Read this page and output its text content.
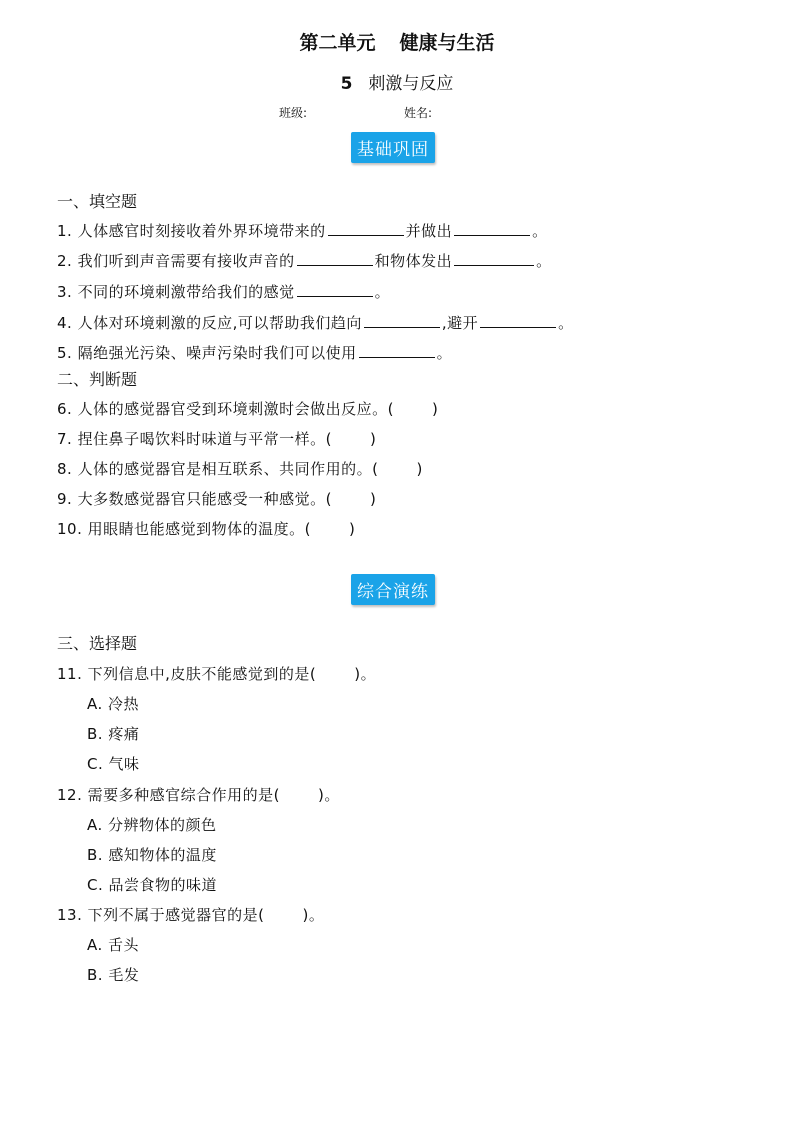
第二单元 健康与生活
5 刺激与反应
班级:	姓名:
基础巩固
一、填空题
1. 人体感官时刻接收着外界环境带来的	并做出	。
2. 我们听到声音需要有接收声音的	和物体发出	。
3. 不同的环境刺激带给我们的感觉	。
4. 人体对环境刺激的反应,可以帮助我们趋向	,避开	。
5. 隔绝强光污染、噪声污染时我们可以使用	。
二、判断题
6. 人体的感觉器官受到环境刺激时会做出反应。(	)
7. 捏住鼻子喝饮料时味道与平常一样。(	)
8. 人体的感觉器官是相互联系、共同作用的。(	)
9. 大多数感觉器官只能感受一种感觉。(	)
10. 用眼睛也能感觉到物体的温度。(	)
综合演练
三、选择题
11. 下列信息中,皮肤不能感觉到的是(	)。
A. 冷热
B. 疼痛
C. 气味
12. 需要多种感官综合作用的是(	)。
A. 分辨物体的颜色
B. 感知物体的温度
C. 品尝食物的味道
13. 下列不属于感觉器官的是(	)。
A. 舌头
B. 毛发
